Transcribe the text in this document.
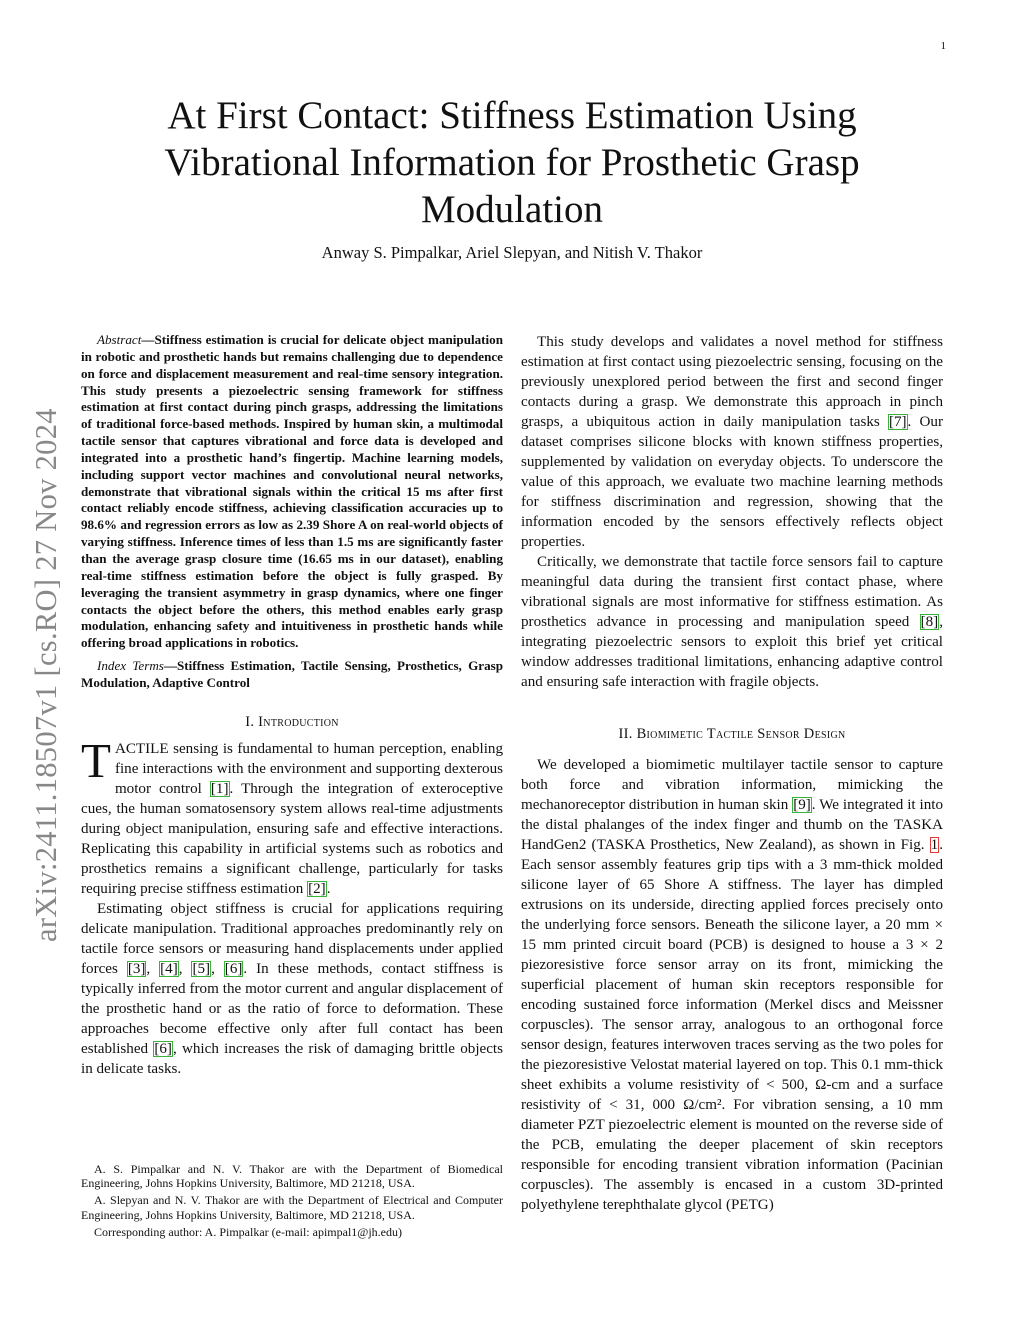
1
arXiv:2411.18507v1 [cs.RO] 27 Nov 2024
At First Contact: Stiffness Estimation Using Vibrational Information for Prosthetic Grasp Modulation

Anway S. Pimpalkar, Ariel Slepyan, and Nitish V. Thakor

Abstract—Stiffness estimation is crucial for delicate object manipulation in robotic and prosthetic hands but remains challenging due to dependence on force and displacement measurement and real-time sensory integration. This study presents a piezoelectric sensing framework for stiffness estimation at first contact during pinch grasps, addressing the limitations of traditional force-based methods. Inspired by human skin, a multimodal tactile sensor that captures vibrational and force data is developed and integrated into a prosthetic hand’s fingertip. Machine learning models, including support vector machines and convolutional neural networks, demonstrate that vibrational signals within the critical 15 ms after first contact reliably encode stiffness, achieving classification accuracies up to 98.6% and regression errors as low as 2.39 Shore A on real-world objects of varying stiffness. Inference times of less than 1.5 ms are significantly faster than the average grasp closure time (16.65 ms in our dataset), enabling real-time stiffness estimation before the object is fully grasped. By leveraging the transient asymmetry in grasp dynamics, where one finger contacts the object before the others, this method enables early grasp modulation, enhancing safety and intuitiveness in prosthetic hands while offering broad applications in robotics.

Index Terms—Stiffness Estimation, Tactile Sensing, Prosthetics, Grasp Modulation, Adaptive Control

I. Introduction

TACTILE sensing is fundamental to human perception, enabling fine interactions with the environment and supporting dexterous motor control [1]. Through the integration of exteroceptive cues, the human somatosensory system allows real-time adjustments during object manipulation, ensuring safe and effective interactions. Replicating this capability in artificial systems such as robotics and prosthetics remains a significant challenge, particularly for tasks requiring precise stiffness estimation [2].

Estimating object stiffness is crucial for applications requiring delicate manipulation. Traditional approaches predominantly rely on tactile force sensors or measuring hand displacements under applied forces [3], [4], [5], [6]. In these methods, contact stiffness is typically inferred from the motor current and angular displacement of the prosthetic hand or as the ratio of force to deformation. These approaches become effective only after full contact has been established [6], which increases the risk of damaging brittle objects in delicate tasks.

A. S. Pimpalkar and N. V. Thakor are with the Department of Biomedical Engineering, Johns Hopkins University, Baltimore, MD 21218, USA.

A. Slepyan and N. V. Thakor are with the Department of Electrical and Computer Engineering, Johns Hopkins University, Baltimore, MD 21218, USA.

Corresponding author: A. Pimpalkar (e-mail: apimpal1@jh.edu)

This study develops and validates a novel method for stiffness estimation at first contact using piezoelectric sensing, focusing on the previously unexplored period between the first and second finger contacts during a grasp. We demonstrate this approach in pinch grasps, a ubiquitous action in daily manipulation tasks [7]. Our dataset comprises silicone blocks with known stiffness properties, supplemented by validation on everyday objects. To underscore the value of this approach, we evaluate two machine learning methods for stiffness discrimination and regression, showing that the information encoded by the sensors effectively reflects object properties.

Critically, we demonstrate that tactile force sensors fail to capture meaningful data during the transient first contact phase, where vibrational signals are most informative for stiffness estimation. As prosthetics advance in processing and manipulation speed [8], integrating piezoelectric sensors to exploit this brief yet critical window addresses traditional limitations, enhancing adaptive control and ensuring safe interaction with fragile objects.

II. Biomimetic Tactile Sensor Design

We developed a biomimetic multilayer tactile sensor to capture both force and vibration information, mimicking the mechanoreceptor distribution in human skin [9]. We integrated it into the distal phalanges of the index finger and thumb on the TASKA HandGen2 (TASKA Prosthetics, New Zealand), as shown in Fig. 1. Each sensor assembly features grip tips with a 3 mm-thick molded silicone layer of 65 Shore A stiffness. The layer has dimpled extrusions on its underside, directing applied forces precisely onto the underlying force sensors. Beneath the silicone layer, a 20 mm × 15 mm printed circuit board (PCB) is designed to house a 3 × 2 piezoresistive force sensor array on its front, mimicking the superficial placement of human skin receptors responsible for encoding sustained force information (Merkel discs and Meissner corpuscles). The sensor array, analogous to an orthogonal force sensor design, features interwoven traces serving as the two poles for the piezoresistive Velostat material layered on top. This 0.1 mm-thick sheet exhibits a volume resistivity of < 500, Ω-cm and a surface resistivity of < 31, 000 Ω/cm². For vibration sensing, a 10 mm diameter PZT piezoelectric element is mounted on the reverse side of the PCB, emulating the deeper placement of skin receptors responsible for encoding transient vibration information (Pacinian corpuscles). The assembly is encased in a custom 3D-printed polyethylene terephthalate glycol (PETG)
